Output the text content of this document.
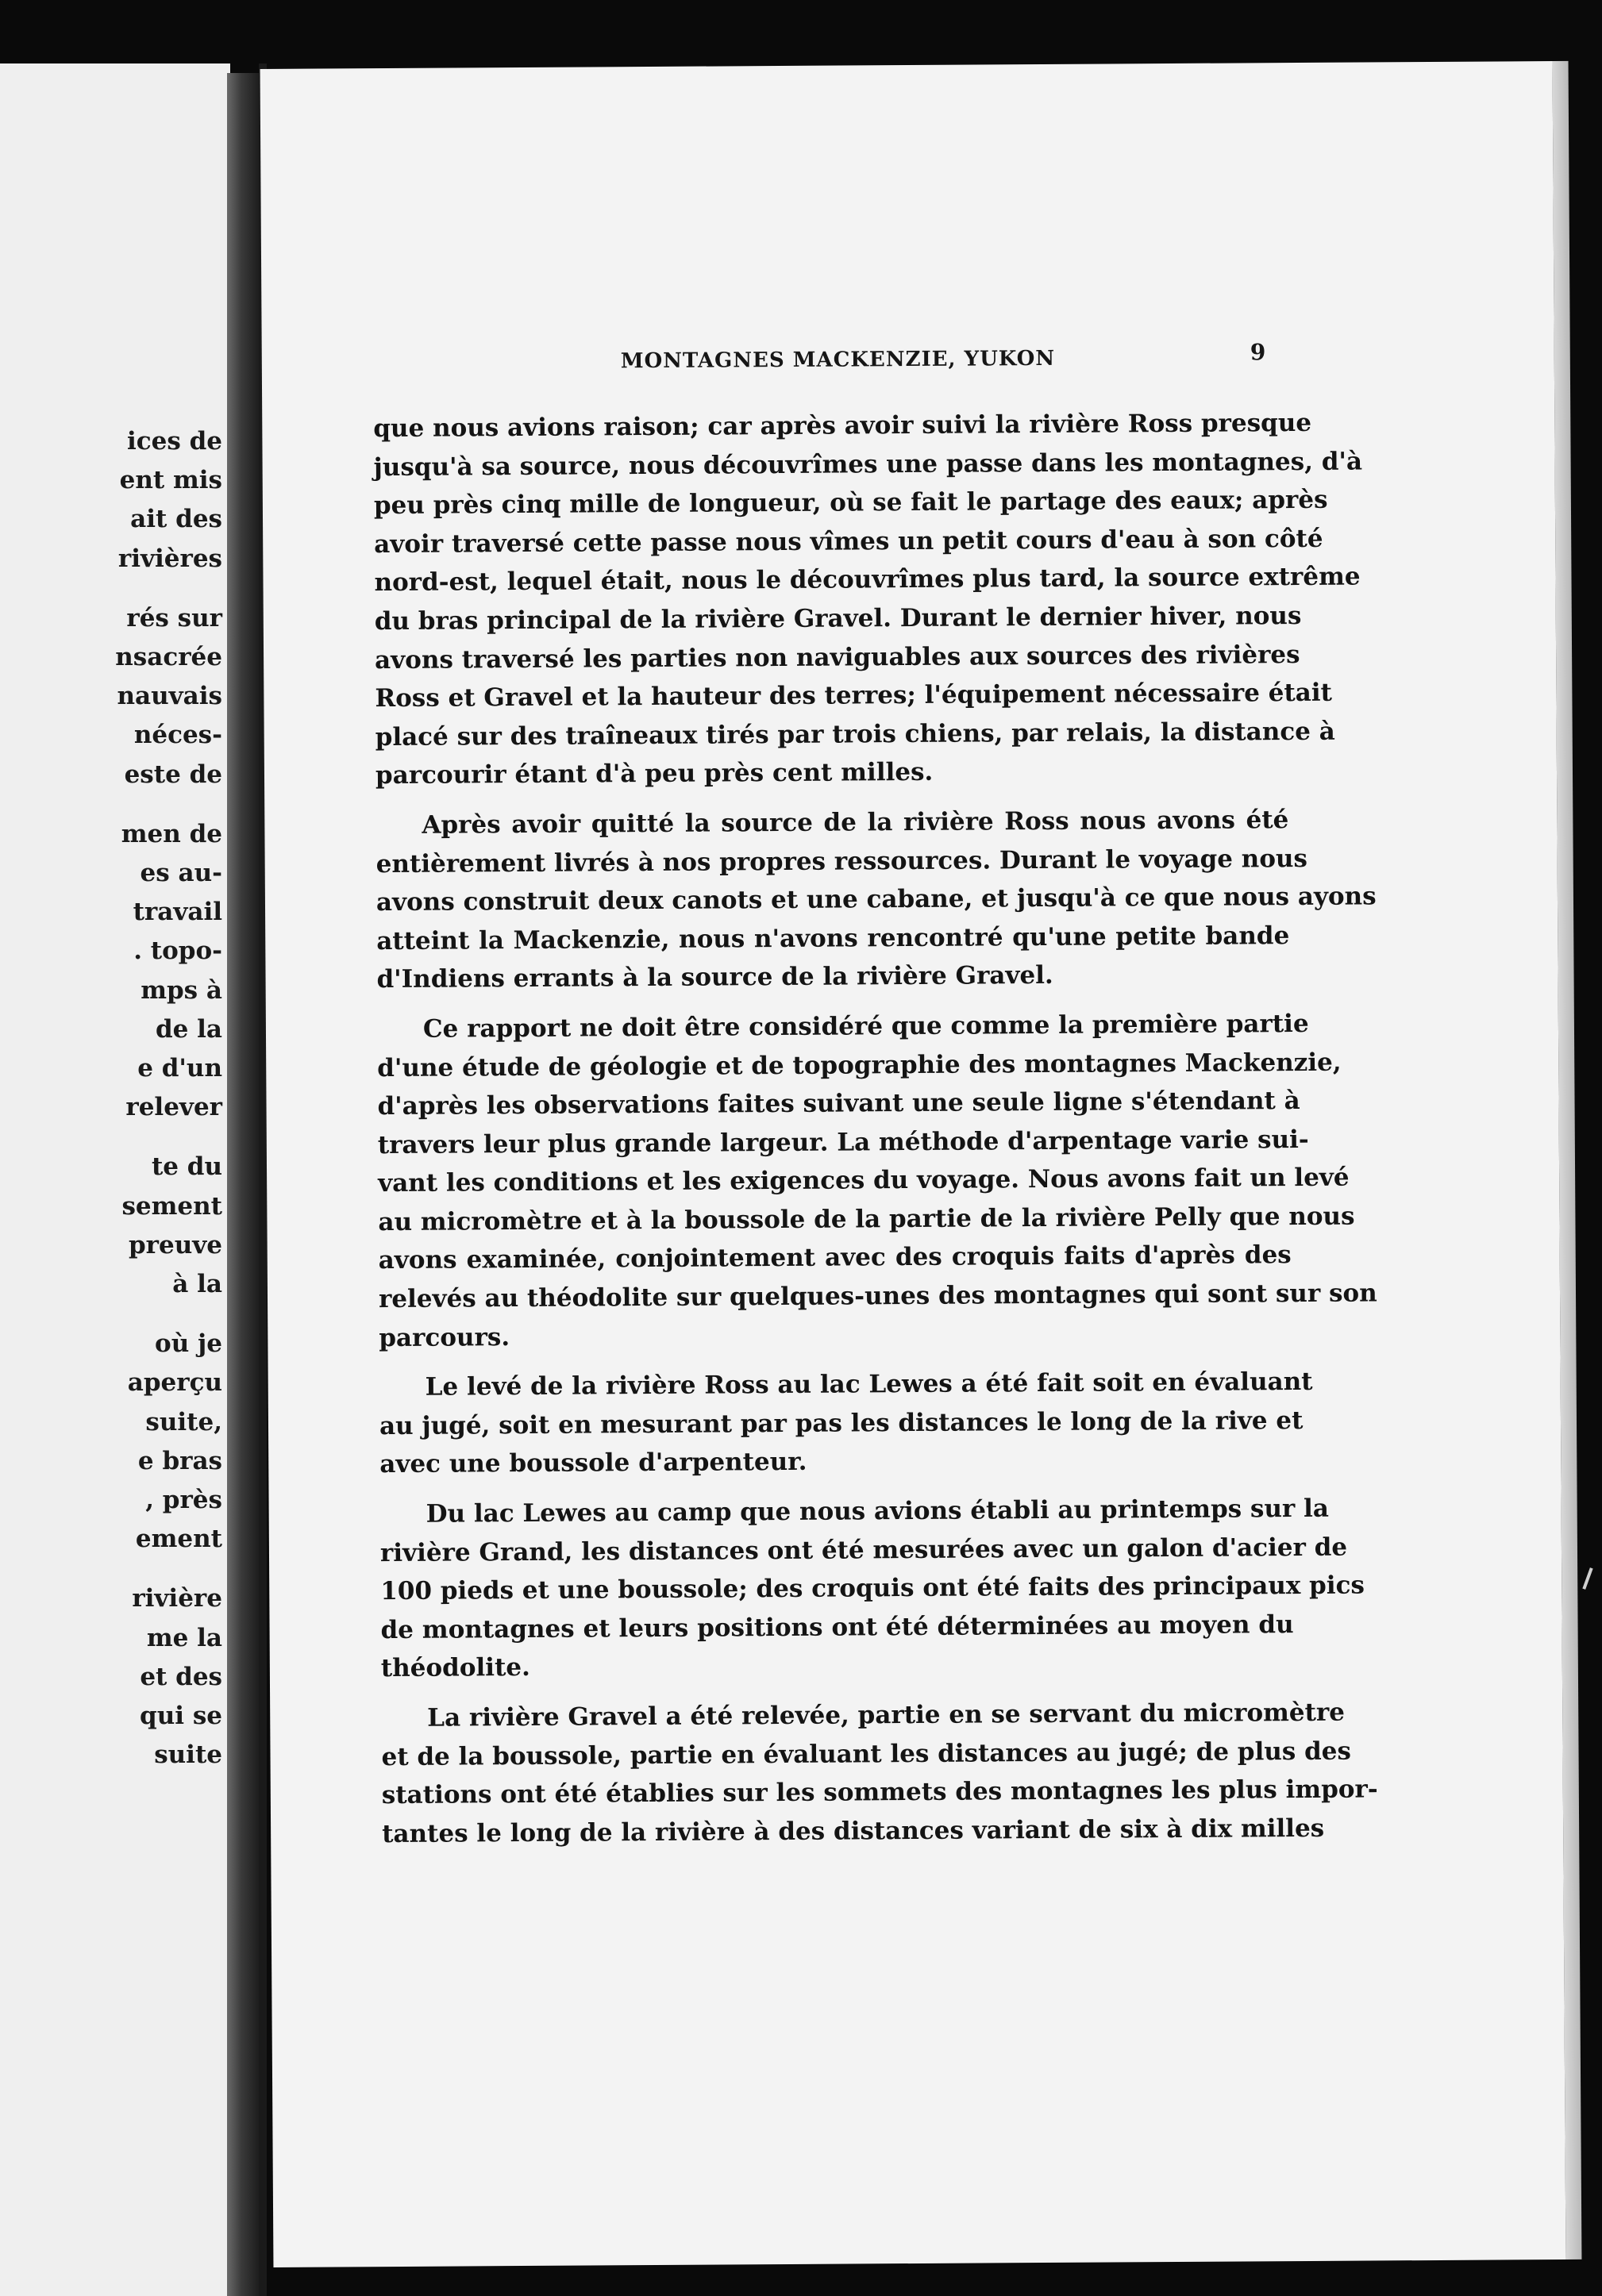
ices de
ent mis
ait des
rivières
rés sur
nsacrée
nauvais
néces-
este de
men de
es au-
travail
. topo-
mps à
de la
e d'un
relever
te du
sement
preuve
à la
où je
aperçu
suite,
e bras
, près
ement
rivière
me la
et des
qui se
suite
MONTAGNES MACKENZIE, YUKON	9
que nous avions raison; car après avoir suivi la rivière Ross presque
jusqu'à sa source, nous découvrîmes une passe dans les montagnes, d'à
peu près cinq mille de longueur, où se fait le partage des eaux; après
avoir traversé cette passe nous vîmes un petit cours d'eau à son côté
nord-est, lequel était, nous le découvrîmes plus tard, la source extrême
du bras principal de la rivière Gravel. Durant le dernier hiver, nous
avons traversé les parties non naviguables aux sources des rivières
Ross et Gravel et la hauteur des terres; l'équipement nécessaire était
placé sur des traîneaux tirés par trois chiens, par relais, la distance à
parcourir étant d'à peu près cent milles.
Après avoir quitté la source de la rivière Ross nous avons été
entièrement livrés à nos propres ressources. Durant le voyage nous
avons construit deux canots et une cabane, et jusqu'à ce que nous ayons
atteint la Mackenzie, nous n'avons rencontré qu'une petite bande
d'Indiens errants à la source de la rivière Gravel.
Ce rapport ne doit être considéré que comme la première partie
d'une étude de géologie et de topographie des montagnes Mackenzie,
d'après les observations faites suivant une seule ligne s'étendant à
travers leur plus grande largeur. La méthode d'arpentage varie sui-
vant les conditions et les exigences du voyage. Nous avons fait un levé
au micromètre et à la boussole de la partie de la rivière Pelly que nous
avons examinée, conjointement avec des croquis faits d'après des
relevés au théodolite sur quelques-unes des montagnes qui sont sur son
parcours.
Le levé de la rivière Ross au lac Lewes a été fait soit en évaluant
au jugé, soit en mesurant par pas les distances le long de la rive et
avec une boussole d'arpenteur.
Du lac Lewes au camp que nous avions établi au printemps sur la
rivière Grand, les distances ont été mesurées avec un galon d'acier de
100 pieds et une boussole; des croquis ont été faits des principaux pics
de montagnes et leurs positions ont été déterminées au moyen du
théodolite.
La rivière Gravel a été relevée, partie en se servant du micromètre
et de la boussole, partie en évaluant les distances au jugé; de plus des
stations ont été établies sur les sommets des montagnes les plus impor-
tantes le long de la rivière à des distances variant de six à dix milles
